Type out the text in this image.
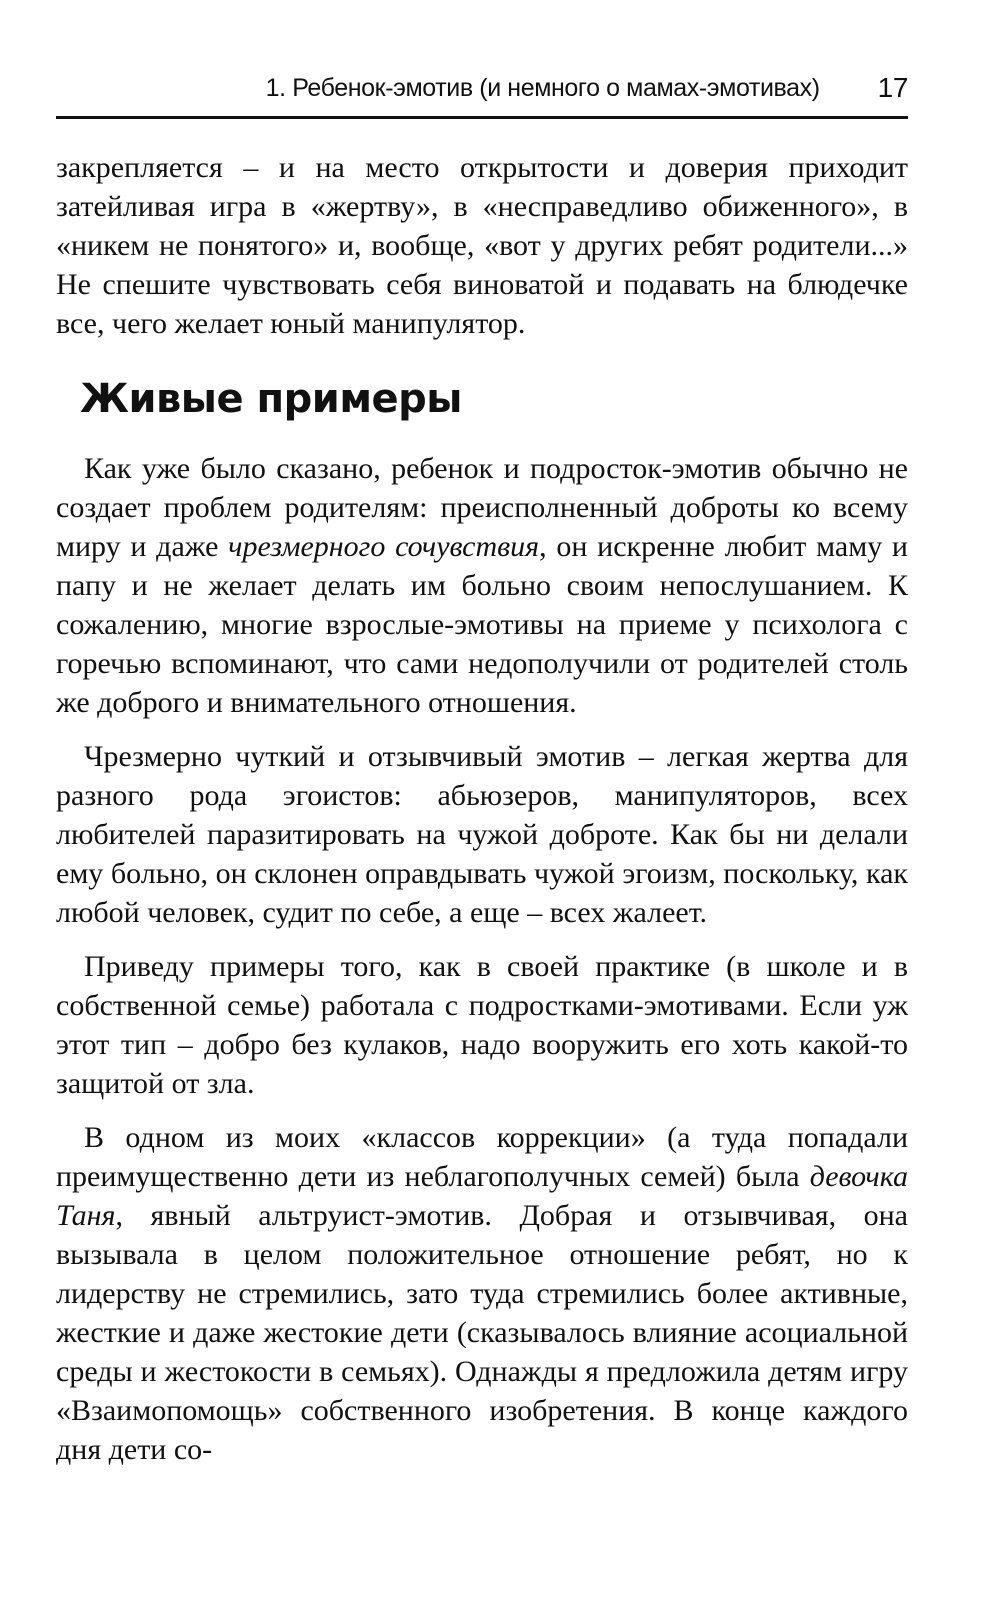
1. Ребенок-эмотив (и немного о мамах-эмотивах) 17

закрепляется – и на место открытости и доверия приходит затейливая игра в «жертву», в «несправедливо обиженного», в «никем не понятого» и, вообще, «вот у других ребят родители...» Не спешите чувствовать себя виноватой и подавать на блюдечке все, чего желает юный манипулятор.

Живые примеры

Как уже было сказано, ребенок и подросток-эмотив обычно не создает проблем родителям: преисполненный доброты ко всему миру и даже чрезмерного сочувствия, он искренне любит маму и папу и не желает делать им больно своим непослушанием. К сожалению, многие взрослые-эмотивы на приеме у психолога с горечью вспоминают, что сами недополучили от родителей столь же доброго и внимательного отношения.

Чрезмерно чуткий и отзывчивый эмотив – легкая жертва для разного рода эгоистов: абьюзеров, манипуляторов, всех любителей паразитировать на чужой доброте. Как бы ни делали ему больно, он склонен оправдывать чужой эгоизм, поскольку, как любой человек, судит по себе, а еще – всех жалеет.

Приведу примеры того, как в своей практике (в школе и в собственной семье) работала с подростками-эмотивами. Если уж этот тип – добро без кулаков, надо вооружить его хоть какой-то защитой от зла.

В одном из моих «классов коррекции» (а туда попадали преимущественно дети из неблагополучных семей) была девочка Таня, явный альтруист-эмотив. Добрая и отзывчивая, она вызывала в целом положительное отношение ребят, но к лидерству не стремились, зато туда стремились более активные, жесткие и даже жестокие дети (сказывалось влияние асоциальной среды и жестокости в семьях). Однажды я предложила детям игру «Взаимопомощь» собственного изобретения. В конце каждого дня дети со-
